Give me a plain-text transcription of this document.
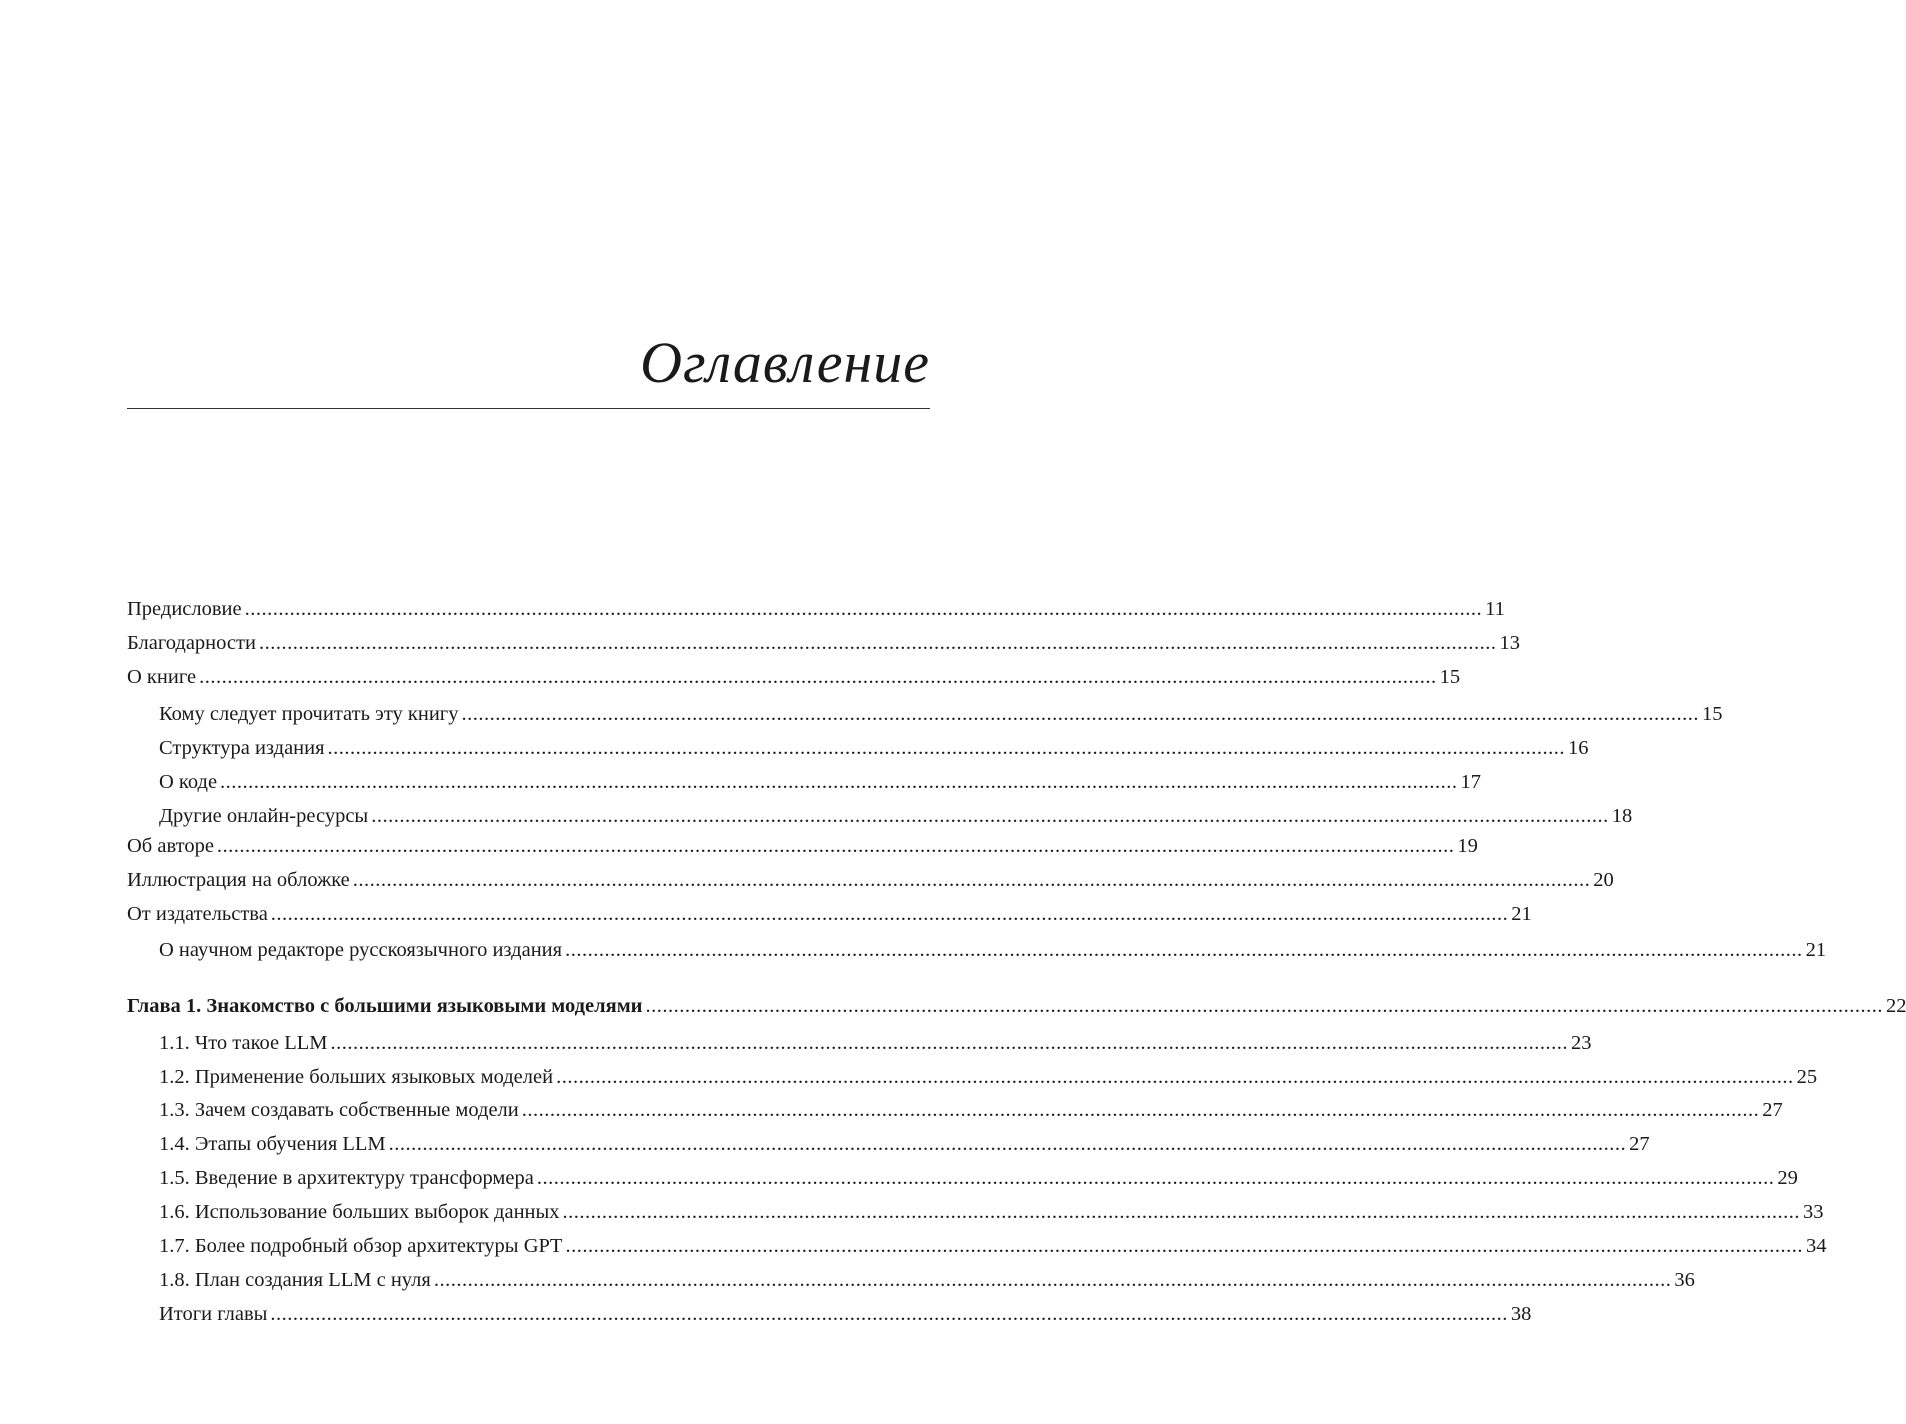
Оглавление
Предисловие ............................................................................................................................................................................................................................ 11
Благодарности ............................................................................................................................................................................................................................ 13
О книге ............................................................................................................................................................................................................................ 15
Кому следует прочитать эту книгу ............................................................................................................................................................................................................................ 15
Структура издания ............................................................................................................................................................................................................................ 16
О коде ............................................................................................................................................................................................................................ 17
Другие онлайн-ресурсы ............................................................................................................................................................................................................................ 18
Об авторе ............................................................................................................................................................................................................................ 19
Иллюстрация на обложке ............................................................................................................................................................................................................................ 20
От издательства ............................................................................................................................................................................................................................ 21
О научном редакторе русскоязычного издания ............................................................................................................................................................................................................................ 21
Глава 1. Знакомство с большими языковыми моделями ............................................................................................................................................................................................................................ 22
1.1. Что такое LLM ............................................................................................................................................................................................................................ 23
1.2. Применение больших языковых моделей ............................................................................................................................................................................................................................ 25
1.3. Зачем создавать собственные модели ............................................................................................................................................................................................................................ 27
1.4. Этапы обучения LLM ............................................................................................................................................................................................................................ 27
1.5. Введение в архитектуру трансформера ............................................................................................................................................................................................................................ 29
1.6. Использование больших выборок данных ............................................................................................................................................................................................................................ 33
1.7. Более подробный обзор архитектуры GPT ............................................................................................................................................................................................................................ 34
1.8. План создания LLM с нуля ............................................................................................................................................................................................................................ 36
Итоги главы ............................................................................................................................................................................................................................ 38
